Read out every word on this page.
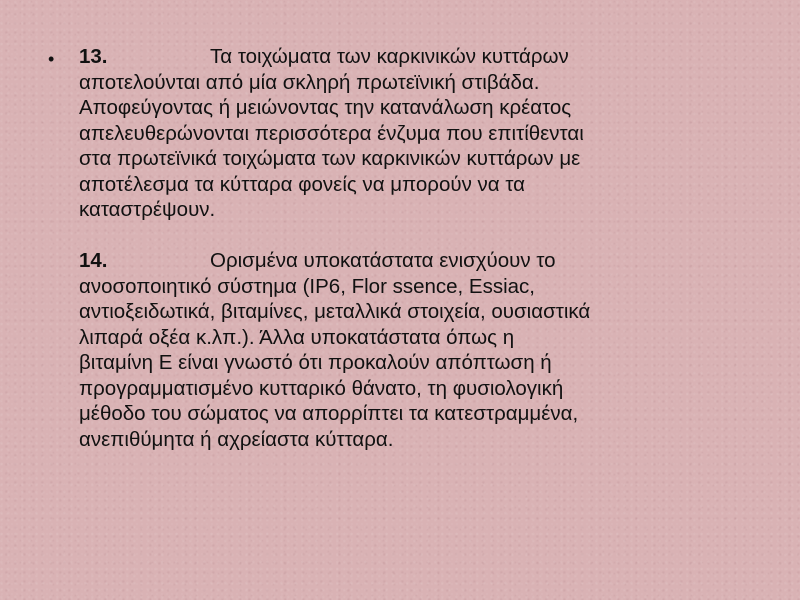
• 13.	Τα τοιχώματα των καρκινικών κυττάρων
αποτελούνται από μία σκληρή πρωτεϊνική στιβάδα.
Αποφεύγοντας ή μειώνοντας την κατανάλωση κρέατος
απελευθερώνονται περισσότερα ένζυμα που επιτίθενται
στα πρωτεϊνικά τοιχώματα των καρκινικών κυττάρων με
αποτέλεσμα τα κύτταρα φονείς να μπορούν να τα
καταστρέψουν.

14.	Ορισμένα υποκατάστατα ενισχύουν το
ανοσοποιητικό σύστημα (IP6, Flor ssence, Essiac,
αντιοξειδωτικά, βιταμίνες, μεταλλικά στοιχεία, ουσιαστικά
λιπαρά οξέα κ.λπ.). Άλλα υποκατάστατα όπως η
βιταμίνη Ε είναι γνωστό ότι προκαλούν απόπτωση ή
προγραμματισμένο κυτταρικό θάνατο, τη φυσιολογική
μέθοδο του σώματος να απορρίπτει τα κατεστραμμένα,
ανεπιθύμητα ή αχρείαστα κύτταρα.
